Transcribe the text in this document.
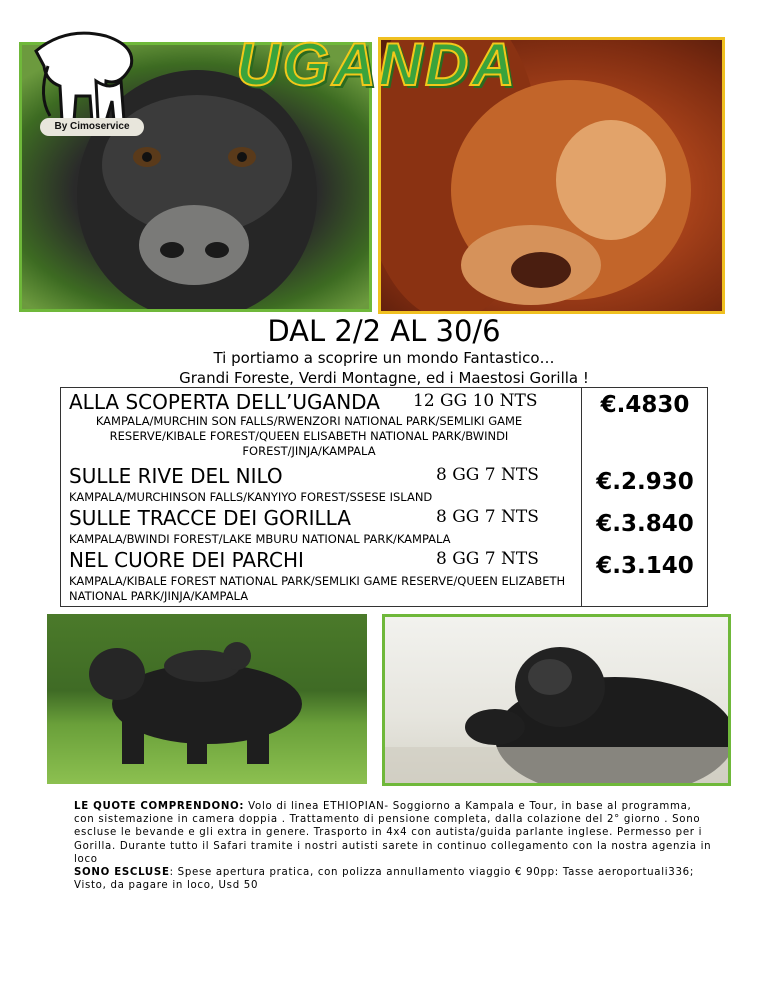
By Cimoservice
UGANDA
DAL 2/2 AL 30/6
Ti portiamo a scoprire un mondo Fantastico…
Grandi Foreste, Verdi Montagne, ed i Maestosi Gorilla !
ALLA SCOPERTA DELL’UGANDA 12 GG 10 NTS
KAMPALA/MURCHIN SON FALLS/RWENZORI NATIONAL PARK/SEMLIKI GAME RESERVE/KIBALE FOREST/QUEEN ELISABETH NATIONAL PARK/BWINDI FOREST/JINJA/KAMPALA
€.4830
SULLE RIVE DEL NILO	8 GG 7 NTS
KAMPALA/MURCHINSON FALLS/KANYIYO FOREST/SSESE ISLAND
€.2.930
SULLE TRACCE DEI GORILLA	8 GG 7 NTS
KAMPALA/BWINDI FOREST/LAKE MBURU NATIONAL PARK/KAMPALA
€.3.840
NEL CUORE DEI PARCHI	8 GG 7 NTS
KAMPALA/KIBALE FOREST NATIONAL PARK/SEMLIKI GAME RESERVE/QUEEN ELIZABETH NATIONAL PARK/JINJA/KAMPALA
€.3.140
LE QUOTE COMPRENDONO: Volo di linea ETHIOPIAN- Soggiorno a Kampala e Tour, in base al programma, con sistemazione in camera doppia . Trattamento di pensione completa, dalla colazione del 2° giorno . Sono escluse le bevande e gli extra in genere. Trasporto in 4x4 con autista/guida parlante inglese. Permesso per i Gorilla. Durante tutto il Safari tramite i nostri autisti sarete in continuo collegamento con la nostra agenzia in loco
SONO ESCLUSE: Spese apertura pratica, con polizza annullamento viaggio € 90pp: Tasse aeroportuali336; Visto, da pagare in loco, Usd 50
